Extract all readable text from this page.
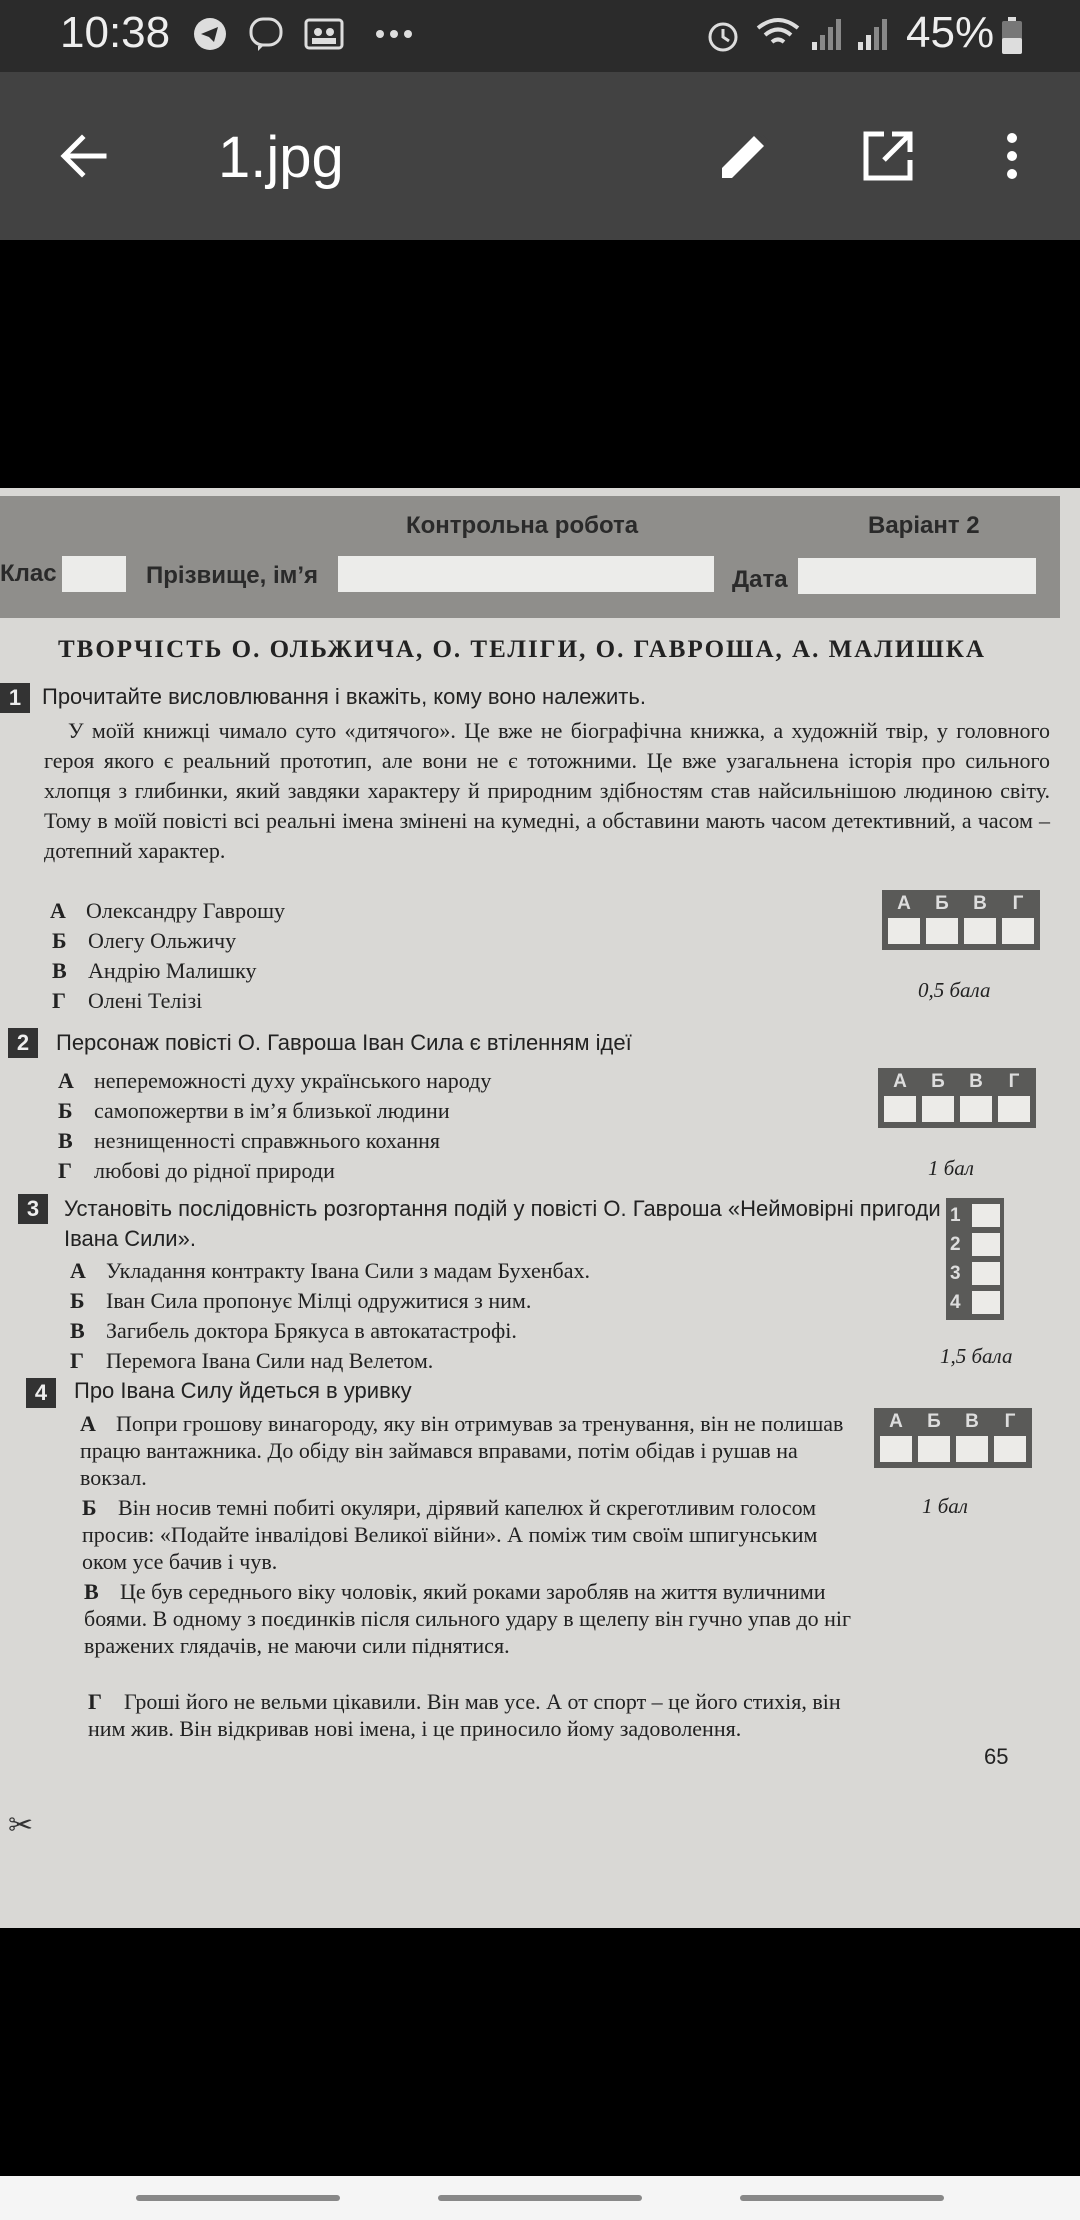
10:38	45%
1.jpg
Контрольна робота	Варіант 2
Клас	Прізвище, ім’я	Дата
ТВОРЧІСТЬ О. ОЛЬЖИЧА, О. ТЕЛІГИ, О. ГАВРОША, А. МАЛИШКА
1 Прочитайте висловлювання і вкажіть, кому воно належить.
У моїй книжці чимало суто «дитячого». Це вже не біографічна книжка, а художній твір, у головного героя якого є реальний прототип, але вони не є тотожними. Це вже узагальнена історія про сильного хлопця з глибинки, який завдяки характеру й природним здібностям став найсильнішою людиною світу. Тому в моїй повісті всі реальні імена змінені на кумедні, а обставини мають часом детективний, а часом – дотепний характер.
А Олександру Гаврошу
Б Олегу Ольжичу
В Андрію Малишку
Г Олені Телізі
А	Б	В	Г
0,5 бала
2	Персонаж повісті О. Гавроша Іван Сила є втіленням ідеї
А непереможності духу українського народу
Б самопожертви в ім’я близької людини
В незнищенності справжнього кохання
Г любові до рідної природи
А	Б	В	Г
1 бал
3	Установіть послідовність розгортання подій у повісті О. Гавроша «Неймовірні пригоди Івана Сили».
А Укладання контракту Івана Сили з мадам Бухенбах.
Б Іван Сила пропонує Мілці одружитися з ним.
В Загибель доктора Брякуса в автокатастрофі.
Г Перемога Івана Сили над Велетом.
1
2
3
4
1,5 бала
4	Про Івана Силу йдеться в уривку
А Попри грошову винагороду, яку він отримував за тренування, він не полишав працю вантажника. До обіду він займався вправами, потім обідав і рушав на вокзал.
Б Він носив темні побиті окуляри, дірявий капелюх й скреготливим голосом просив: «Подайте інвалідові Великої війни». А поміж тим своїм шпигунським оком усе бачив і чув.
В Це був середнього віку чоловік, який роками заробляв на життя вуличними боями. В одному з поєдинків після сильного удару в щелепу він гучно упав до ніг вражених глядачів, не маючи сили піднятися.
Г Гроші його не вельми цікавили. Він мав усе. А от спорт – це його стихія, він ним жив. Він відкривав нові імена, і це приносило йому задоволення.
А	Б	В	Г
1 бал
65
✂
